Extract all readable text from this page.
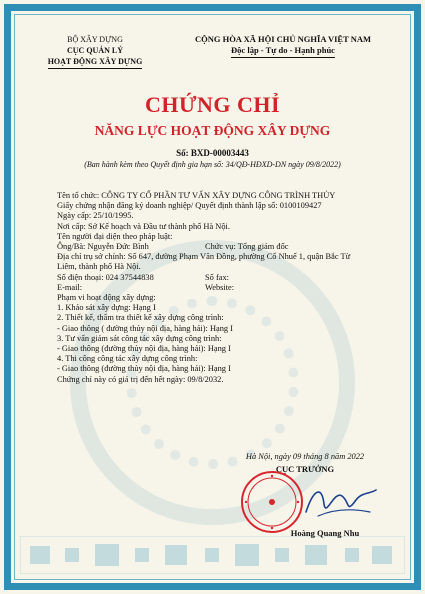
BỘ XÂY DỰNG
CỤC QUẢN LÝ
HOẠT ĐỘNG XÂY DỰNG
CỘNG HÒA XÃ HỘI CHỦ NGHĨA VIỆT NAM
Độc lập - Tự do - Hạnh phúc
CHỨNG CHỈ
NĂNG LỰC HOẠT ĐỘNG XÂY DỰNG
Số: BXD-00003443
(Ban hành kèm theo Quyết định gia hạn số: 34/QĐ-HĐXD-DN ngày 09/8/2022)
Tên tổ chức: CÔNG TY CỔ PHẦN TƯ VẤN XÂY DỰNG CÔNG TRÌNH THỦY
Giấy chứng nhận đăng ký doanh nghiệp/ Quyết định thành lập số: 0100109427
Ngày cấp: 25/10/1995.
Nơi cấp: Sở Kế hoạch và Đầu tư thành phố Hà Nội.
Tên người đại diện theo pháp luật:
Ông/Bà: Nguyễn Đức Bình	Chức vụ: Tổng giám đốc
Địa chỉ trụ sở chính: Số 647, đường Phạm Văn Đồng, phường Cổ Nhuế 1, quận Bắc Từ
Liêm, thành phố Hà Nội.
Số điện thoại: 024 37544838	Số fax:
E-mail:	Website:
Phạm vi hoạt động xây dựng:
1. Khảo sát xây dựng: Hạng I
2. Thiết kế, thẩm tra thiết kế xây dựng công trình:
- Giao thông ( đường thủy nội địa, hàng hải): Hạng I
3. Tư vấn giám sát công tác xây dựng công trình:
- Giao thông (đường thủy nội địa, hàng hải): Hạng I
4. Thi công công tác xây dựng công trình:
- Giao thông (đường thủy nội địa, hàng hải): Hạng I
Chứng chỉ này có giá trị đến hết ngày: 09/8/2032.
Hà Nội, ngày 09 tháng 8 năm 2022
CỤC TRƯỞNG
Hoàng Quang Nhu
